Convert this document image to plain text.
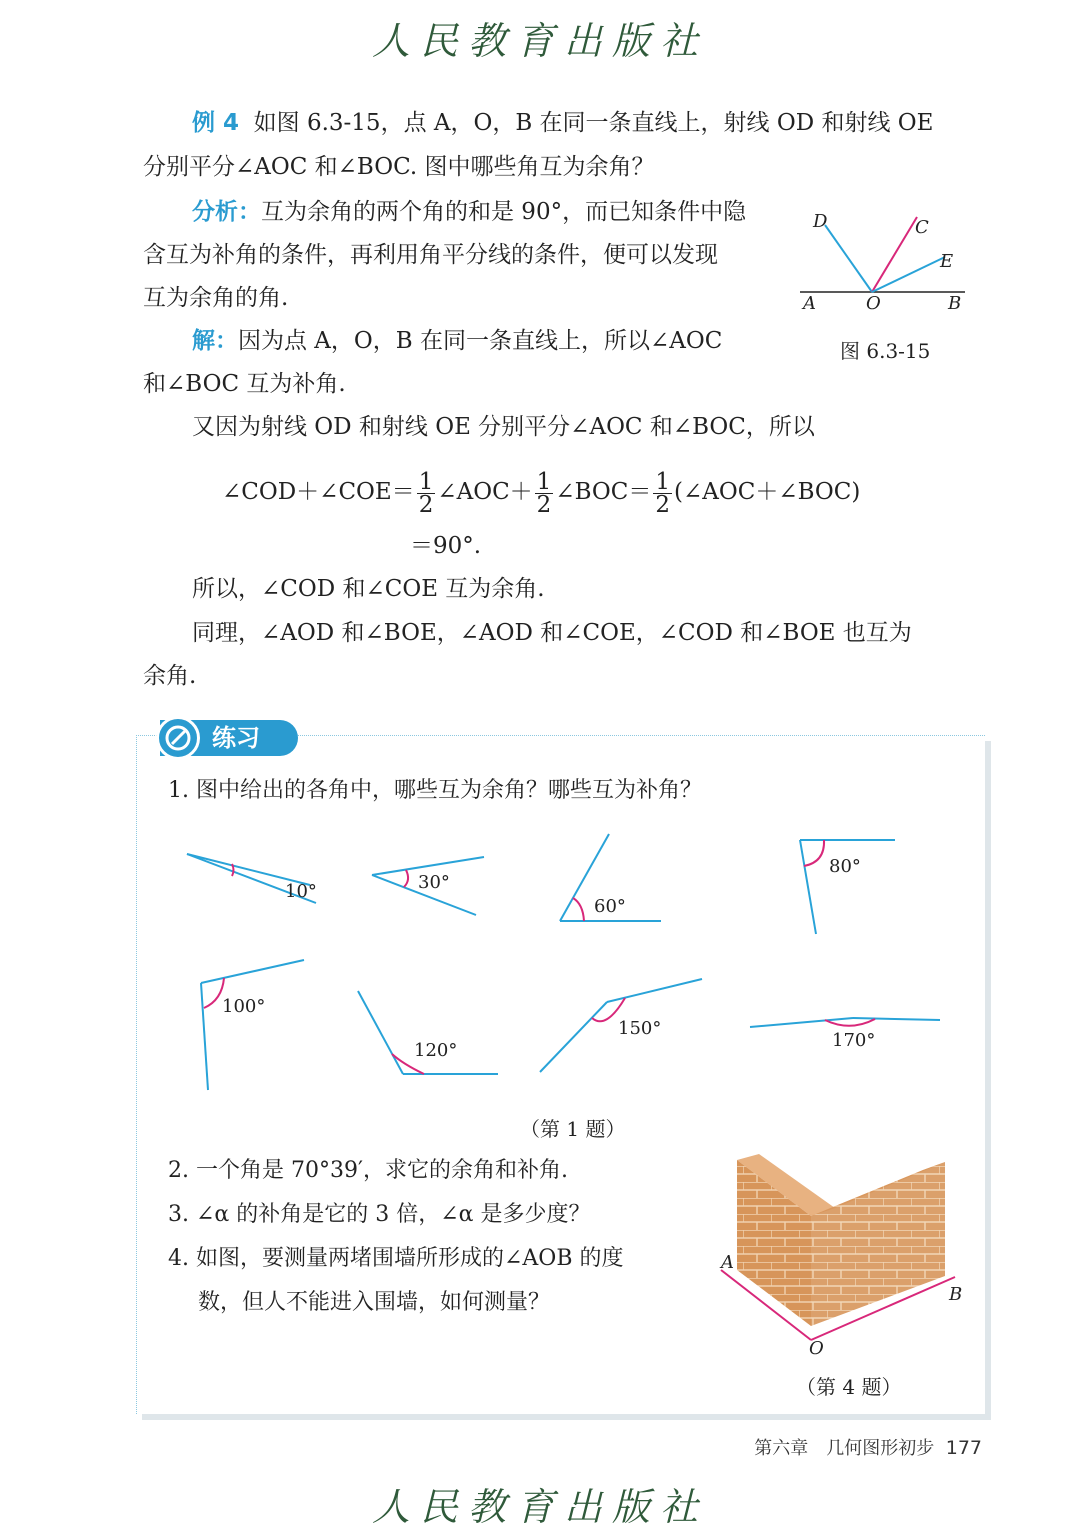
人民教育出版社
例 4 如图 6.3-15，点 A，O，B 在同一条直线上，射线 OD 和射线 OE
分别平分∠AOC 和∠BOC. 图中哪些角互为余角？
分析：互为余角的两个角的和是 90°，而已知条件中隐
含互为补角的条件，再利用角平分线的条件，便可以发现
互为余角的角.
解：因为点 A，O，B 在同一条直线上，所以∠AOC
和∠BOC 互为补角.
又因为射线 OD 和射线 OE 分别平分∠AOC 和∠BOC，所以
∠COD＋∠COE＝ $\frac{1}{2}$ ∠AOC＋ $\frac{1}{2}$ ∠BOC＝ $\frac{1}{2}$ (∠AOC＋∠BOC)
＝90°.
所以，∠COD 和∠COE 互为余角.
同理，∠AOD 和∠BOE，∠AOD 和∠COE，∠COD 和∠BOE 也互为
余角.
A	O	B
D	C
E
图 6.3-15
练习
1. 图中给出的各角中，哪些互为余角？哪些互为补角？
10°	30°
60°
80°
100°
120°
150°
170°
（第 1 题）
2. 一个角是 70°39′，求它的余角和补角.
3. ∠α 的补角是它的 3 倍，∠α 是多少度？
4. 如图，要测量两堵围墙所形成的∠AOB 的度
数，但人不能进入围墙，如何测量？
A
B
O
（第 4 题）
第六章　几何图形初步 177
人民教育出版社
